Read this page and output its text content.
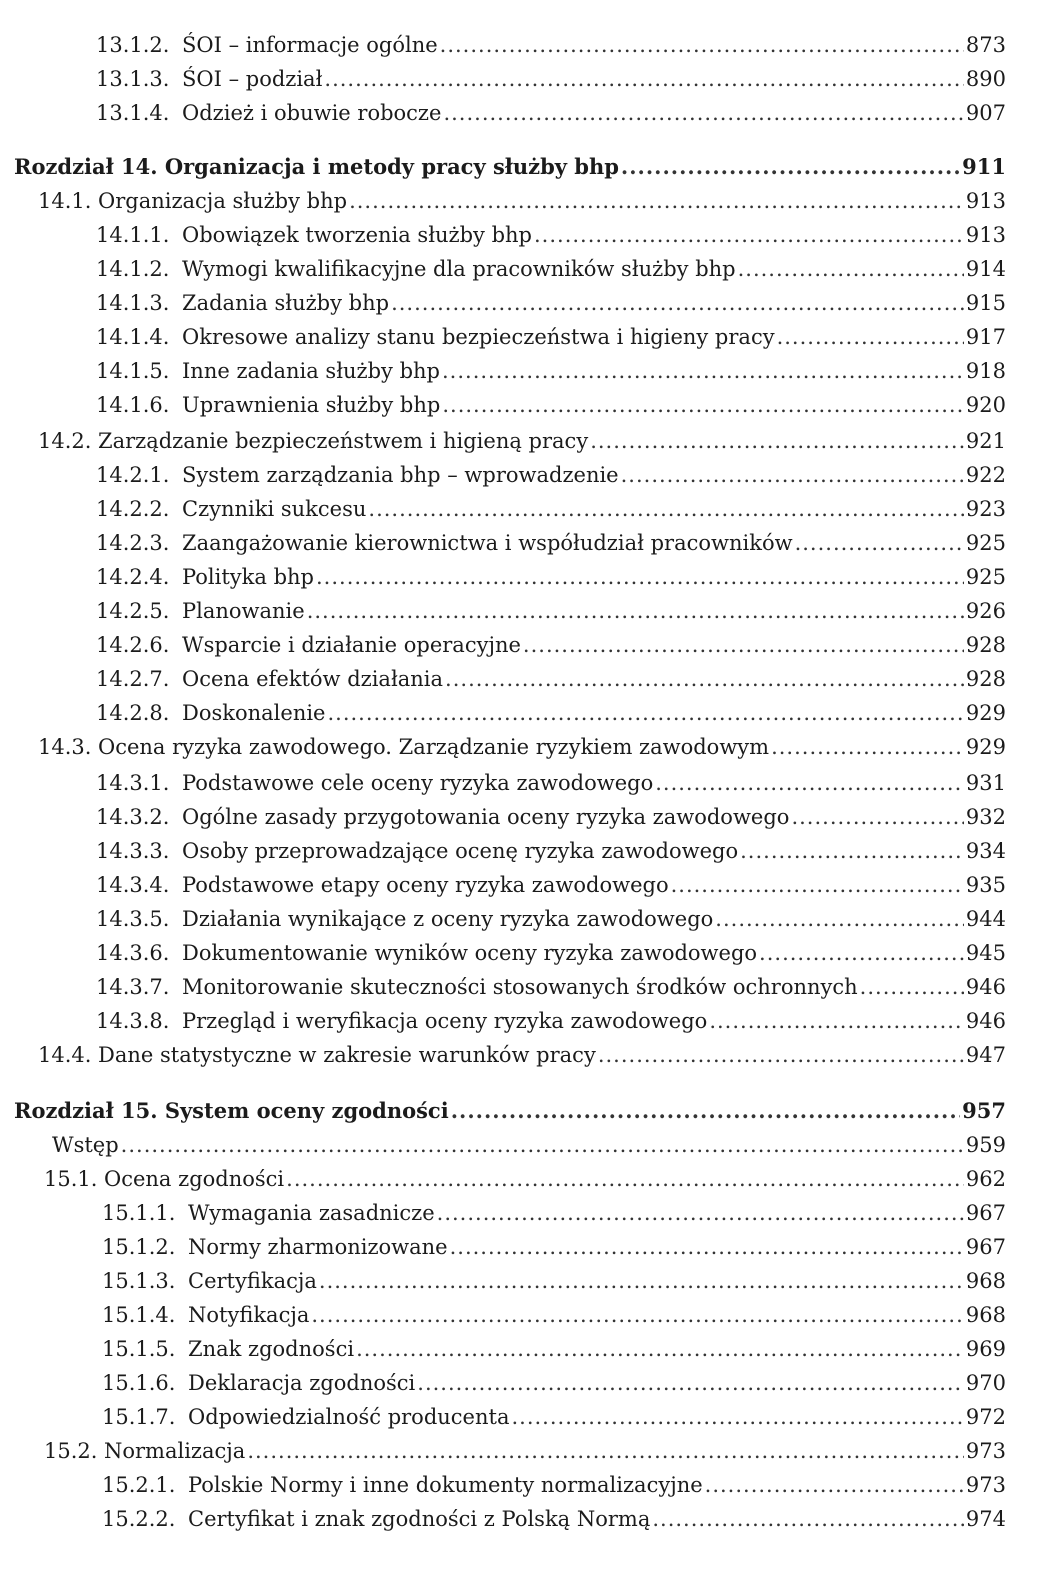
13.1.2. ŚOI – informacje ogólne .....	873
13.1.3. ŚOI – podział .....	890
13.1.4. Odzież i obuwie robocze .....	907
Rozdział 14. Organizacja i metody pracy służby bhp .....	911
14.1. Organizacja służby bhp .....	913
14.1.1. Obowiązek tworzenia służby bhp .....	913
14.1.2. Wymogi kwalifikacyjne dla pracowników służby bhp .....	914
14.1.3. Zadania służby bhp .....	915
14.1.4. Okresowe analizy stanu bezpieczeństwa i higieny pracy .....	917
14.1.5. Inne zadania służby bhp .....	918
14.1.6. Uprawnienia służby bhp .....	920
14.2. Zarządzanie bezpieczeństwem i higieną pracy .....	921
14.2.1. System zarządzania bhp – wprowadzenie .....	922
14.2.2. Czynniki sukcesu .....	923
14.2.3. Zaangażowanie kierownictwa i współudział pracowników .....	925
14.2.4. Polityka bhp .....	925
14.2.5. Planowanie .....	926
14.2.6. Wsparcie i działanie operacyjne .....	928
14.2.7. Ocena efektów działania .....	928
14.2.8. Doskonalenie .....	929
14.3. Ocena ryzyka zawodowego. Zarządzanie ryzykiem zawodowym .....	929
14.3.1. Podstawowe cele oceny ryzyka zawodowego .....	931
14.3.2. Ogólne zasady przygotowania oceny ryzyka zawodowego .....	932
14.3.3. Osoby przeprowadzające ocenę ryzyka zawodowego .....	934
14.3.4. Podstawowe etapy oceny ryzyka zawodowego .....	935
14.3.5. Działania wynikające z oceny ryzyka zawodowego .....	944
14.3.6. Dokumentowanie wyników oceny ryzyka zawodowego .....	945
14.3.7. Monitorowanie skuteczności stosowanych środków ochronnych .....	946
14.3.8. Przegląd i weryfikacja oceny ryzyka zawodowego .....	946
14.4. Dane statystyczne w zakresie warunków pracy .....	947
Rozdział 15. System oceny zgodności .....	957
Wstęp .....	959
15.1. Ocena zgodności .....	962
15.1.1. Wymagania zasadnicze .....	967
15.1.2. Normy zharmonizowane .....	967
15.1.3. Certyfikacja .....	968
15.1.4. Notyfikacja .....	968
15.1.5. Znak zgodności .....	969
15.1.6. Deklaracja zgodności .....	970
15.1.7. Odpowiedzialność producenta .....	972
15.2. Normalizacja .....	973
15.2.1. Polskie Normy i inne dokumenty normalizacyjne .....	973
15.2.2. Certyfikat i znak zgodności z Polską Normą .....	974
